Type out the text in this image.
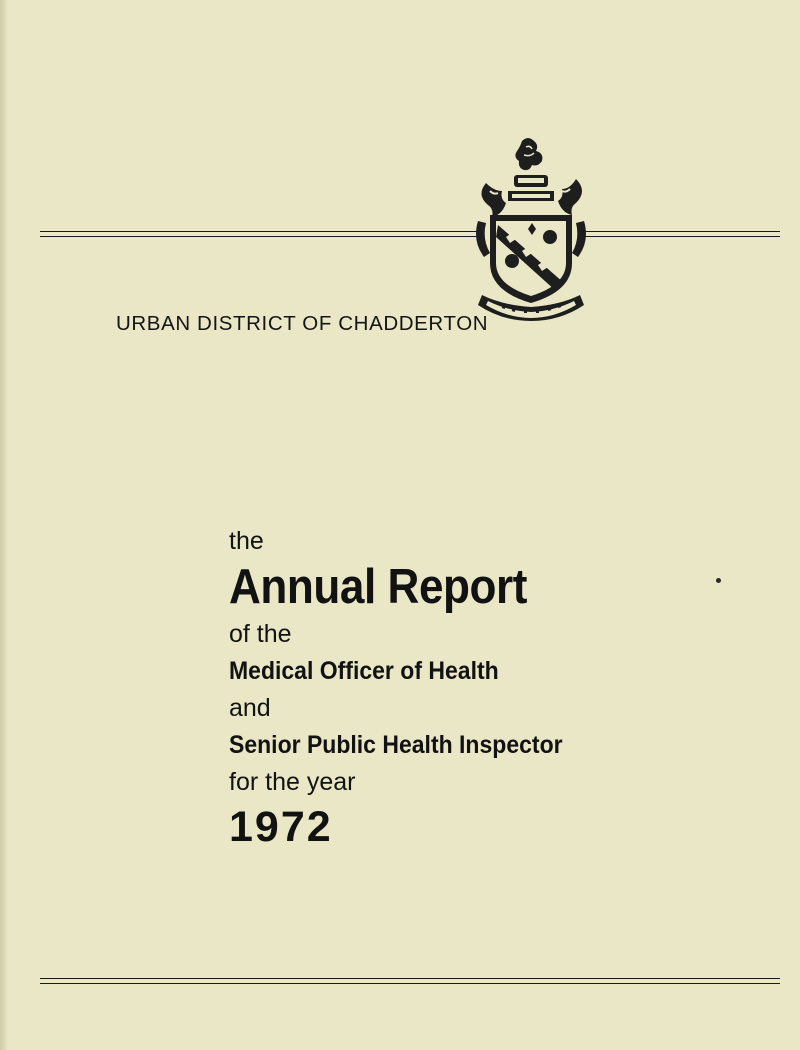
URBAN DISTRICT OF CHADDERTON
the
Annual Report
of the
Medical Officer of Health
and
Senior Public Health Inspector
for the year
1972
